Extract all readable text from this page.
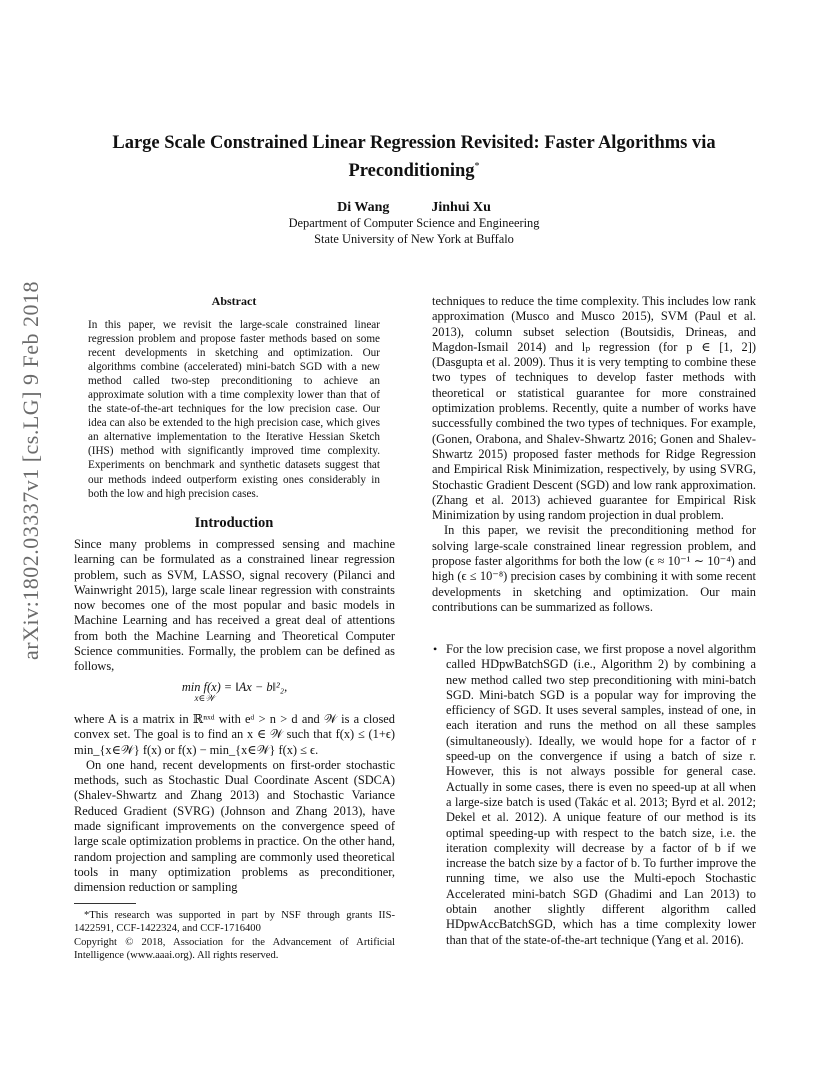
arXiv:1802.03337v1 [cs.LG] 9 Feb 2018
Large Scale Constrained Linear Regression Revisited: Faster Algorithms via
Preconditioning*
Di Wang	Jinhui Xu
Department of Computer Science and Engineering
State University of New York at Buffalo
Abstract
In this paper, we revisit the large-scale constrained linear regression problem and propose faster methods based on some recent developments in sketching and optimization. Our algorithms combine (accelerated) mini-batch SGD with a new method called two-step preconditioning to achieve an approximate solution with a time complexity lower than that of the state-of-the-art techniques for the low precision case. Our idea can also be extended to the high precision case, which gives an alternative implementation to the Iterative Hessian Sketch (IHS) method with significantly improved time complexity. Experiments on benchmark and synthetic datasets suggest that our methods indeed outperform existing ones considerably in both the low and high precision cases.
Introduction

Since many problems in compressed sensing and machine learning can be formulated as a constrained linear regression problem, such as SVM, LASSO, signal recovery (Pilanci and Wainwright 2015), large scale linear regression with constraints now becomes one of the most popular and basic models in Machine Learning and has received a great deal of attentions from both the Machine Learning and Theoretical Computer Science communities. Formally, the problem can be defined as follows,

min f(x) = ‖Ax − b‖²₂,
x∈𝒲

where A is a matrix in ℝⁿˣᵈ with eᵈ > n > d and 𝒲 is a closed convex set. The goal is to find an x ∈ 𝒲 such that f(x) ≤ (1+ϵ) min_{x∈𝒲} f(x) or f(x) − min_{x∈𝒲} f(x) ≤ ϵ.

On one hand, recent developments on first-order stochastic methods, such as Stochastic Dual Coordinate Ascent (SDCA) (Shalev-Shwartz and Zhang 2013) and Stochastic Variance Reduced Gradient (SVRG) (Johnson and Zhang 2013), have made significant improvements on the convergence speed of large scale optimization problems in practice. On the other hand, random projection and sampling are commonly used theoretical tools in many optimization problems as preconditioner, dimension reduction or sampling

*This research was supported in part by NSF through grants IIS-1422591, CCF-1422324, and CCF-1716400

Copyright © 2018, Association for the Advancement of Artificial Intelligence (www.aaai.org). All rights reserved.

techniques to reduce the time complexity. This includes low rank approximation (Musco and Musco 2015), SVM (Paul et al. 2013), column subset selection (Boutsidis, Drineas, and Magdon-Ismail 2014) and lₚ regression (for p ∈ [1, 2]) (Dasgupta et al. 2009). Thus it is very tempting to combine these two types of techniques to develop faster methods with theoretical or statistical guarantee for more constrained optimization problems. Recently, quite a number of works have successfully combined the two types of techniques. For example, (Gonen, Orabona, and Shalev-Shwartz 2016; Gonen and Shalev-Shwartz 2015) proposed faster methods for Ridge Regression and Empirical Risk Minimization, respectively, by using SVRG, Stochastic Gradient Descent (SGD) and low rank approximation. (Zhang et al. 2013) achieved guarantee for Empirical Risk Minimization by using random projection in dual problem.

In this paper, we revisit the preconditioning method for solving large-scale constrained linear regression problem, and propose faster algorithms for both the low (ϵ ≈ 10⁻¹ ∼ 10⁻⁴) and high (ϵ ≤ 10⁻⁸) precision cases by combining it with some recent developments in sketching and optimization. Our main contributions can be summarized as follows.

• For the low precision case, we first propose a novel algorithm called HDpwBatchSGD (i.e., Algorithm 2) by combining a new method called two step preconditioning with mini-batch SGD. Mini-batch SGD is a popular way for improving the efficiency of SGD. It uses several samples, instead of one, in each iteration and runs the method on all these samples (simultaneously). Ideally, we would hope for a factor of r speed-up on the convergence if using a batch of size r. However, this is not always possible for general case. Actually in some cases, there is even no speed-up at all when a large-size batch is used (Takác et al. 2013; Byrd et al. 2012; Dekel et al. 2012). A unique feature of our method is its optimal speeding-up with respect to the batch size, i.e. the iteration complexity will decrease by a factor of b if we increase the batch size by a factor of b. To further improve the running time, we also use the Multi-epoch Stochastic Accelerated mini-batch SGD (Ghadimi and Lan 2013) to obtain another slightly different algorithm called HDpwAccBatchSGD, which has a time complexity lower than that of the state-of-the-art technique (Yang et al. 2016).
